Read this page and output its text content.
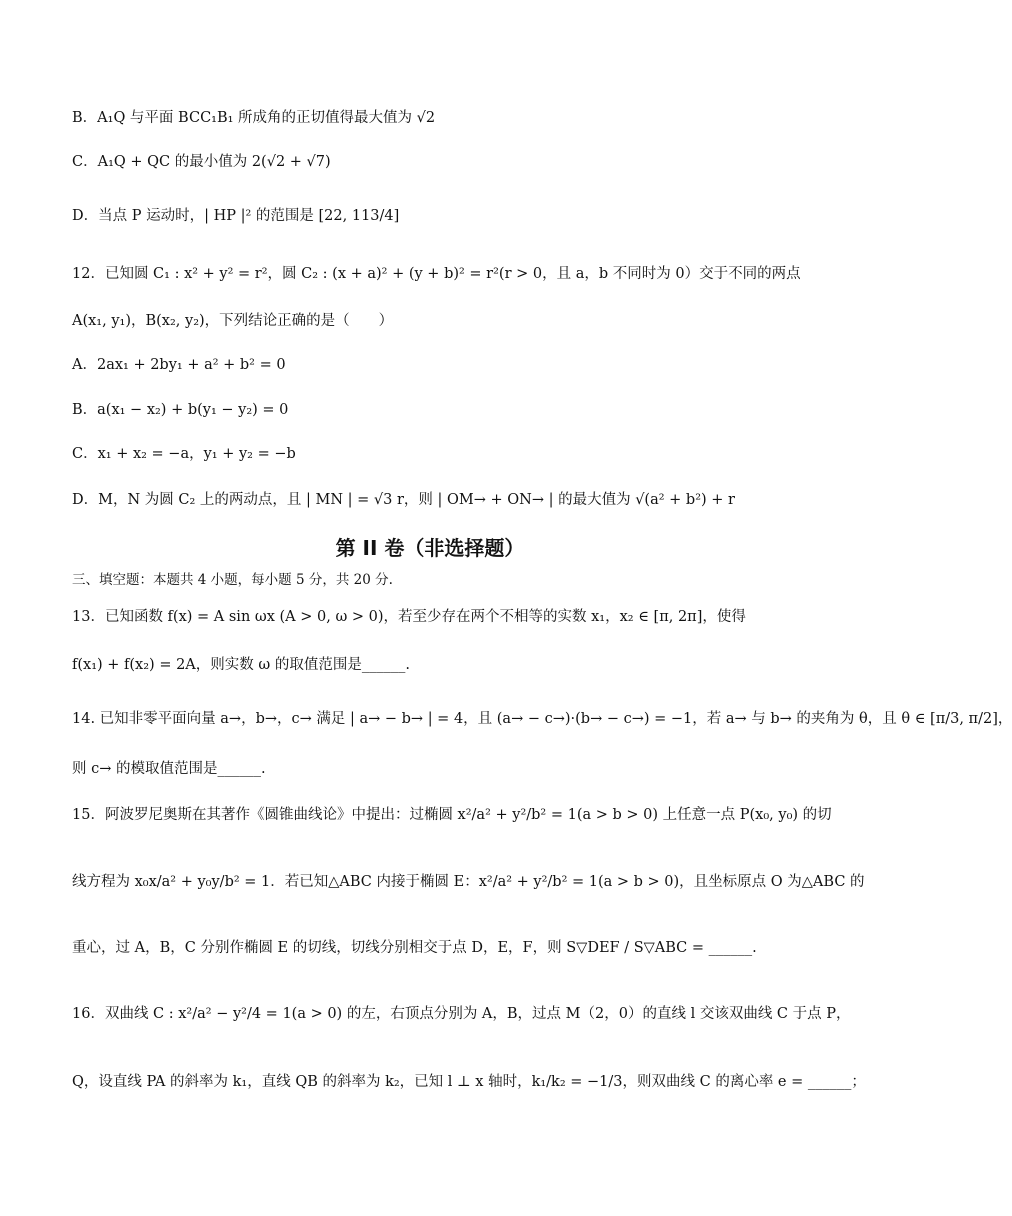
B．A₁Q 与平面 BCC₁B₁ 所成角的正切值得最大值为 √2
C．A₁Q + QC 的最小值为 2(√2 + √7)
D．当点 P 运动时，| HP |² 的范围是 [22, 113/4]
12．已知圆 C₁ : x² + y² = r²，圆 C₂ : (x + a)² + (y + b)² = r²(r > 0，且 a，b 不同时为 0）交于不同的两点
A(x₁, y₁)，B(x₂, y₂)，下列结论正确的是（　　）
A．2ax₁ + 2by₁ + a² + b² = 0
B．a(x₁ − x₂) + b(y₁ − y₂) = 0
C．x₁ + x₂ = −a，y₁ + y₂ = −b
D．M，N 为圆 C₂ 上的两动点，且 | MN | = √3 r，则 | OM→ + ON→ | 的最大值为 √(a² + b²) + r
第 II 卷（非选择题）
三、填空题：本题共 4 小题，每小题 5 分，共 20 分.
13．已知函数 f(x) = A sin ωx (A > 0, ω > 0)，若至少存在两个不相等的实数 x₁，x₂ ∈ [π, 2π]，使得
f(x₁) + f(x₂) = 2A，则实数 ω 的取值范围是______.
14. 已知非零平面向量 a→，b→，c→ 满足 | a→ − b→ | = 4，且 (a→ − c→)·(b→ − c→) = −1，若 a→ 与 b→ 的夹角为 θ，且 θ ∈ [π/3, π/2]，
则 c→ 的模取值范围是______.
15．阿波罗尼奥斯在其著作《圆锥曲线论》中提出：过椭圆 x²/a² + y²/b² = 1(a > b > 0) 上任意一点 P(x₀, y₀) 的切
线方程为 x₀x/a² + y₀y/b² = 1．若已知△ABC 内接于椭圆 E：x²/a² + y²/b² = 1(a > b > 0)，且坐标原点 O 为△ABC 的
重心，过 A，B，C 分别作椭圆 E 的切线，切线分别相交于点 D，E，F，则 S▽DEF / S▽ABC = ______.
16．双曲线 C : x²/a² − y²/4 = 1(a > 0) 的左，右顶点分别为 A，B，过点 M（2，0）的直线 l 交该双曲线 C 于点 P，
Q，设直线 PA 的斜率为 k₁，直线 QB 的斜率为 k₂，已知 l ⊥ x 轴时，k₁/k₂ = −1/3，则双曲线 C 的离心率 e = ______；
